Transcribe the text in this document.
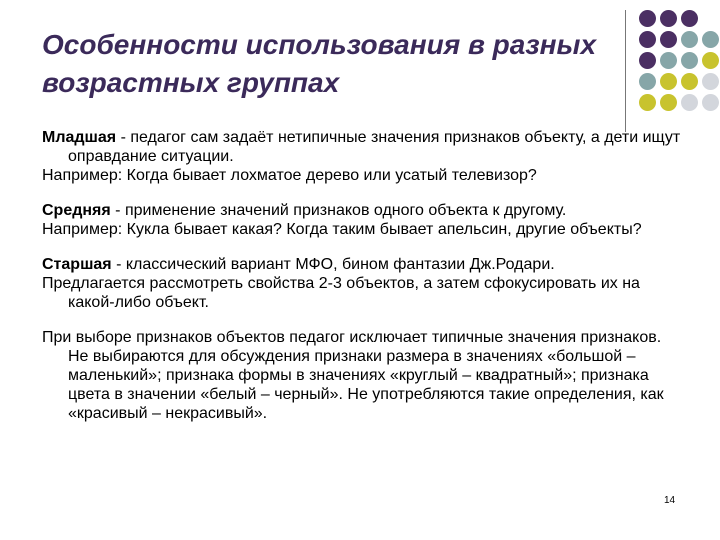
Особенности использования в разных возрастных группах

Младшая - педагог сам задаёт нетипичные значения признаков объекту, а дети ищут оправдание ситуации.

Например: Когда бывает лохматое дерево или усатый телевизор?

Средняя - применение значений признаков одного объекта к другому.

Например: Кукла бывает какая? Когда таким бывает апельсин, другие объекты?

Старшая - классический вариант МФО, бином фантазии Дж.Родари.

Предлагается рассмотреть свойства 2-3 объектов, а затем сфокусировать их на какой-либо объект.

При выборе признаков объектов педагог исключает типичные значения признаков. Не выбираются для обсуждения признаки размера в значениях «большой – маленький»; признака формы в значениях «круглый – квадратный»; признака цвета в значении «белый – черный». Не употребляются такие определения, как «красивый – некрасивый».

14
